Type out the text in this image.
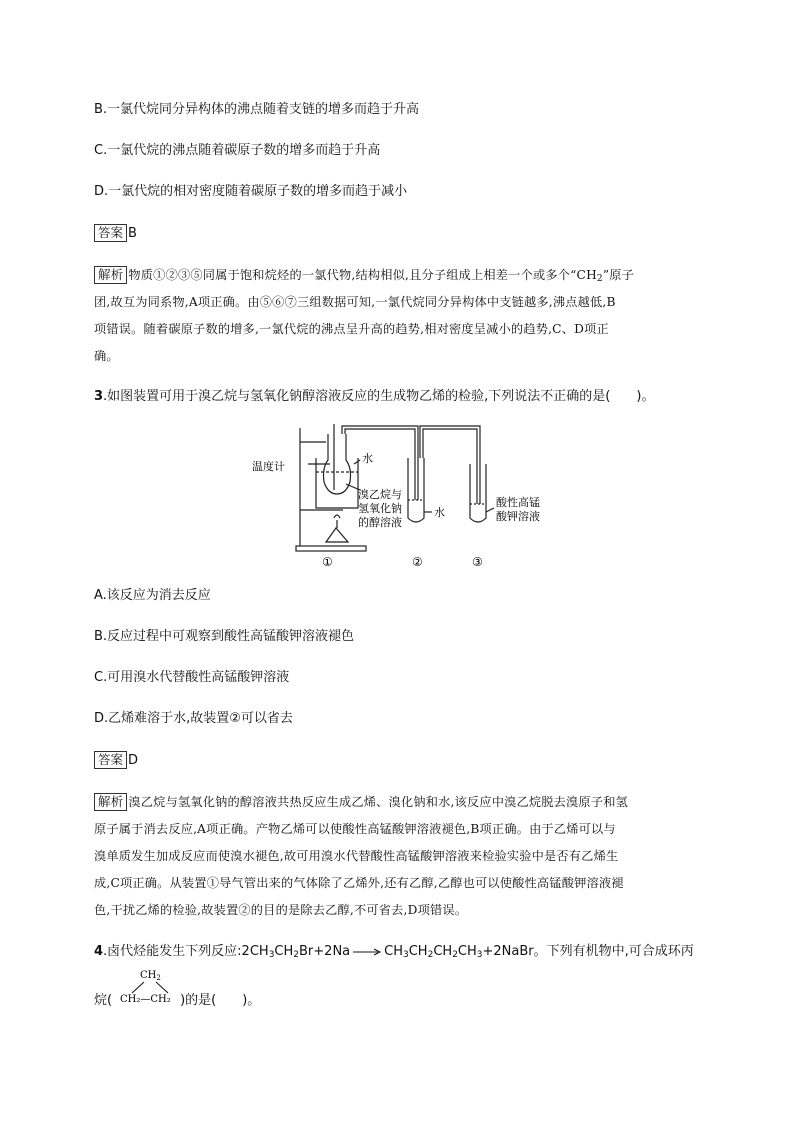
B.一氯代烷同分异构体的沸点随着支链的增多而趋于升高
C.一氯代烷的沸点随着碳原子数的增多而趋于升高
D.一氯代烷的相对密度随着碳原子数的增多而趋于减小
答案 B
解析 物质①②③⑤同属于饱和烷烃的一氯代物,结构相似,且分子组成上相差一个或多个“$CH_2$”原子
团,故互为同系物,A项正确。由⑤⑥⑦三组数据可知,一氯代烷同分异构体中支链越多,沸点越低,B
项错误。随着碳原子数的增多,一氯代烷的沸点呈升高的趋势,相对密度呈减小的趋势,C、D项正
确。
3.如图装置可用于溴乙烷与氢氧化钠醇溶液反应的生成物乙烯的检验,下列说法不正确的是(　　)。
温度计
水
溴乙烷与
氢氧化钠
的醇溶液
水
酸性高锰
酸钾溶液
①	②	③
A.该反应为消去反应
B.反应过程中可观察到酸性高锰酸钾溶液褪色
C.可用溴水代替酸性高锰酸钾溶液
D.乙烯难溶于水,故装置②可以省去
答案 D
解析 溴乙烷与氢氧化钠的醇溶液共热反应生成乙烯、溴化钠和水,该反应中溴乙烷脱去溴原子和氢
原子属于消去反应,A项正确。产物乙烯可以使酸性高锰酸钾溶液褪色,B项正确。由于乙烯可以与
溴单质发生加成反应而使溴水褪色,故可用溴水代替酸性高锰酸钾溶液来检验实验中是否有乙烯生
成,C项正确。从装置①导气管出来的气体除了乙烯外,还有乙醇,乙醇也可以使酸性高锰酸钾溶液褪
色,干扰乙烯的检验,故装置②的目的是除去乙醇,不可省去,D项错误。
4.卤代烃能发生下列反应$:2CH_3CH_2Br+2Na$ → $CH_3CH_2CH_2CH_3+2NaBr$。下列有机物中,可合成环丙
烷(	)的是(　　)。
$CH_2$
CH₂—CH₂
